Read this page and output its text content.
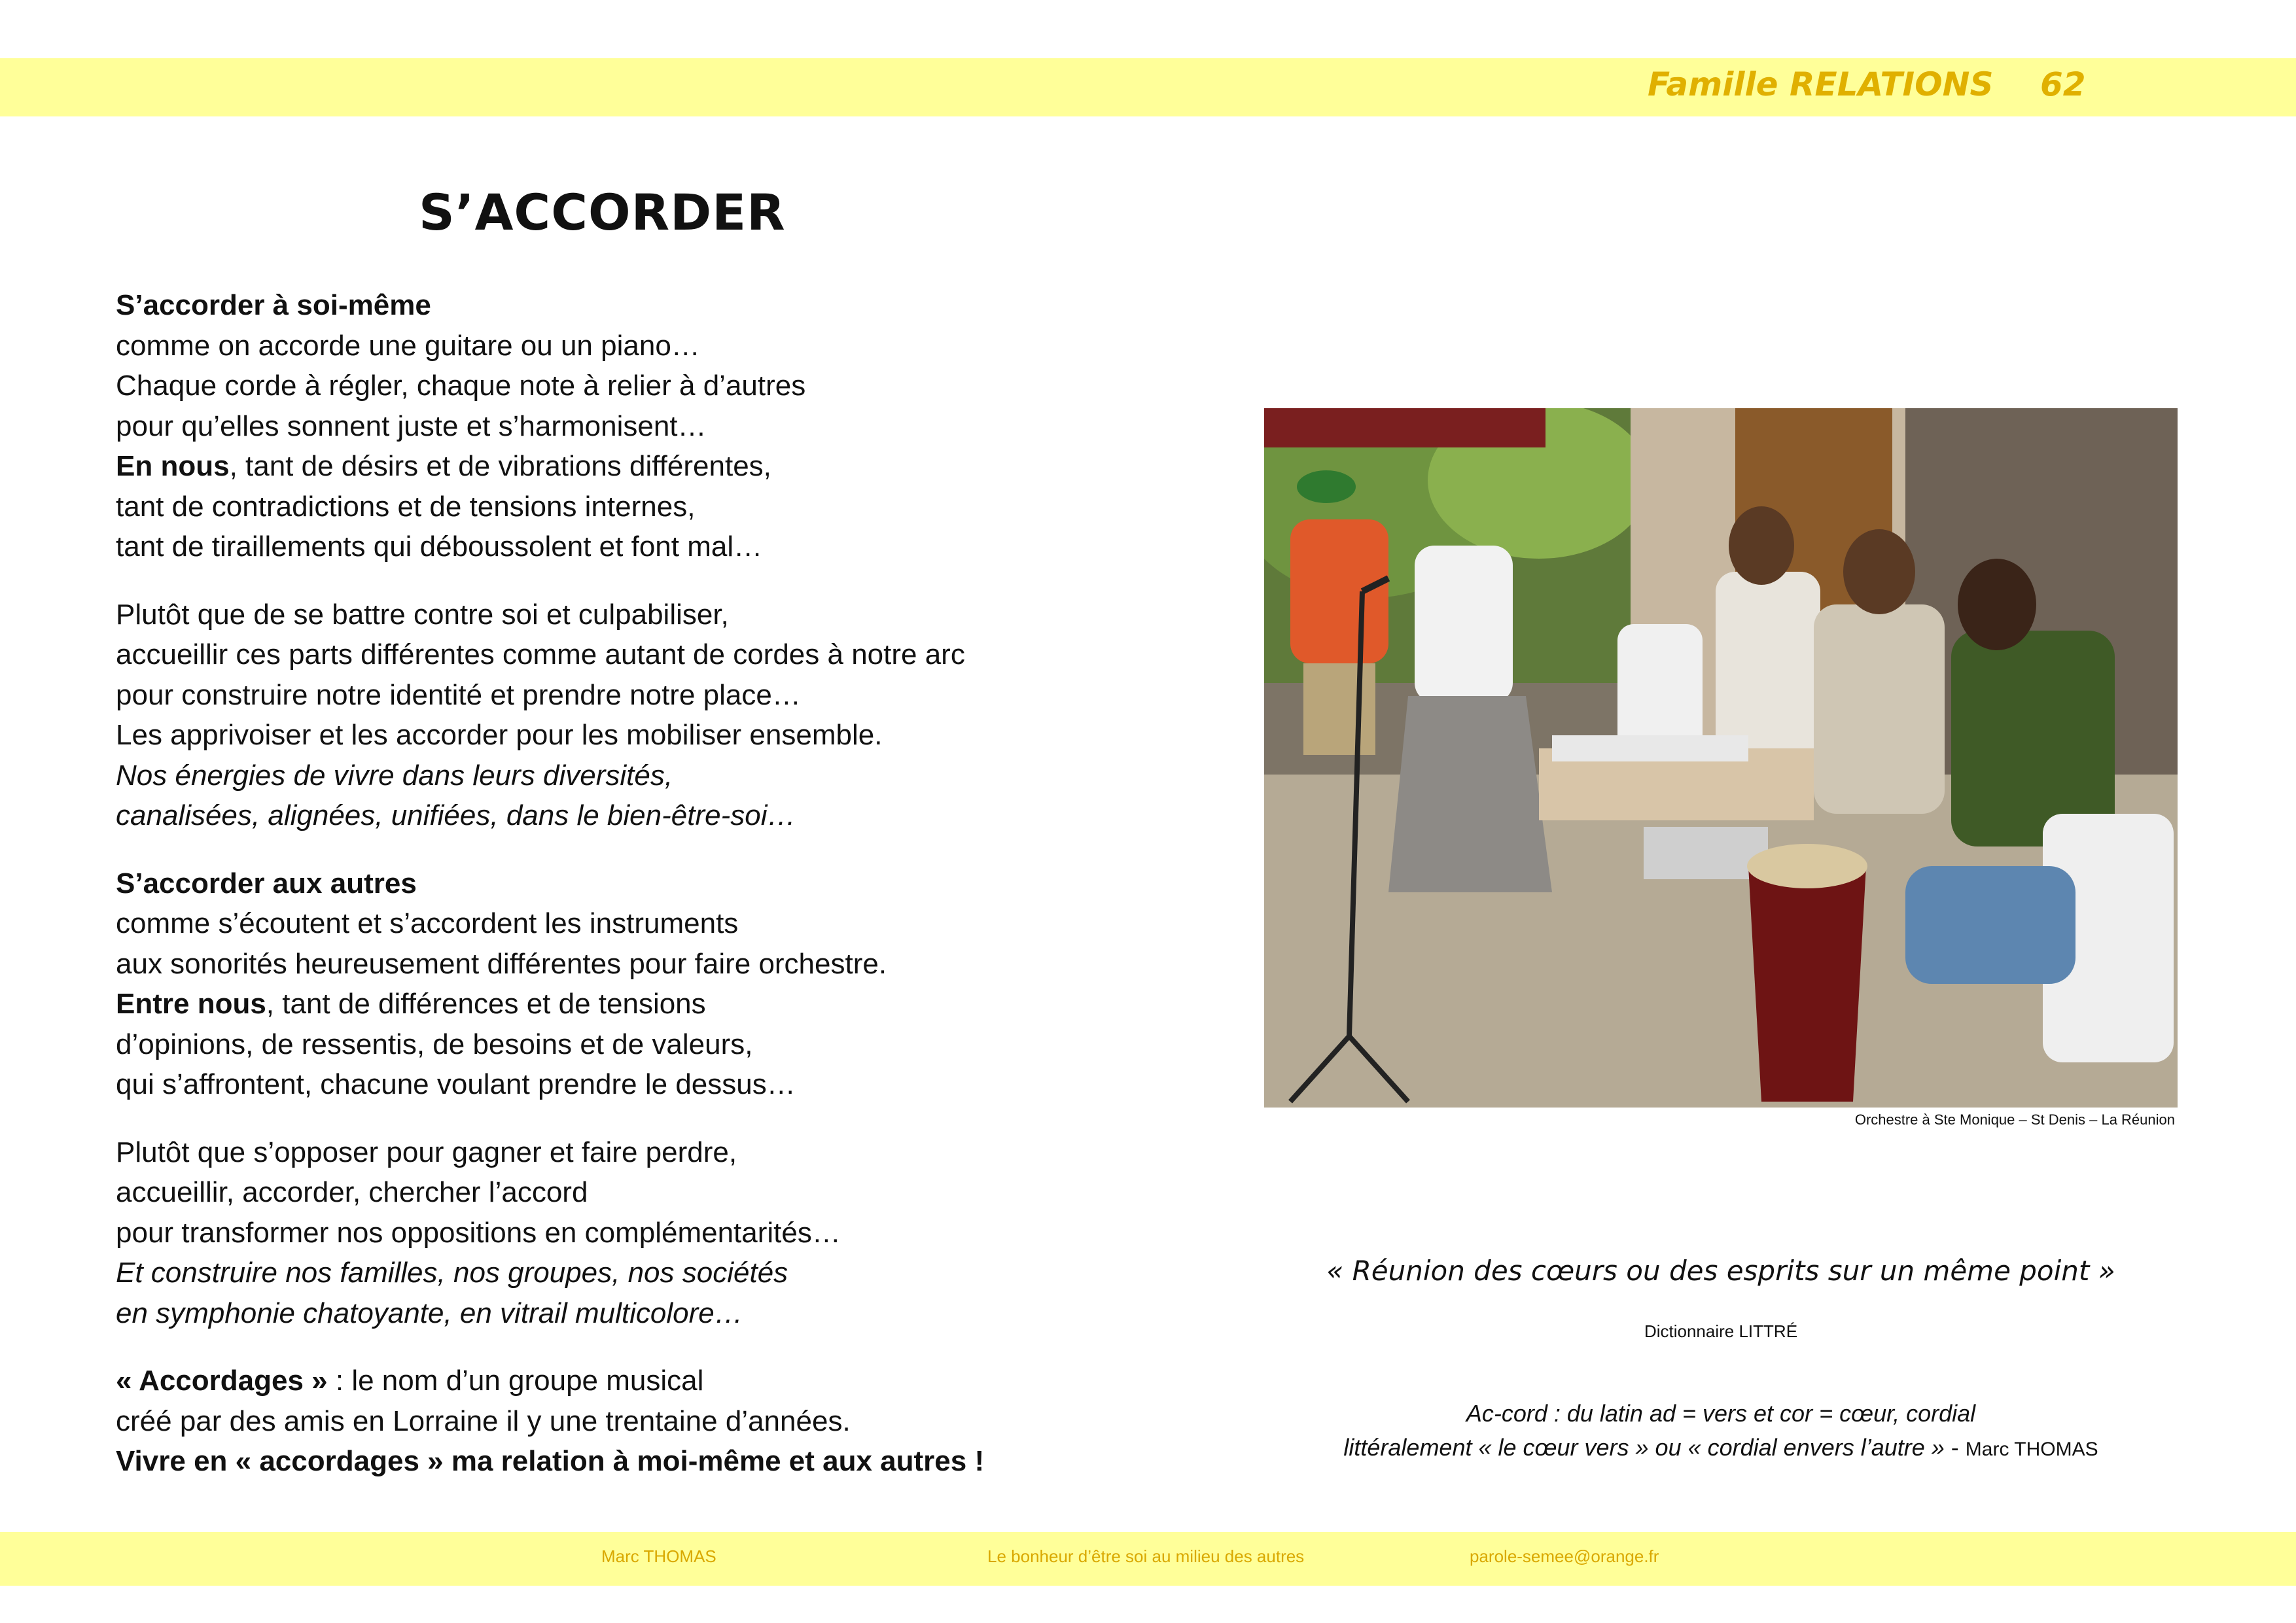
Famille RELATIONS 62
S’ACCORDER
S’accorder à soi-même
comme on accorde une guitare ou un piano…
Chaque corde à régler, chaque note à relier à d’autres
pour qu’elles sonnent juste et s’harmonisent…
En nous, tant de désirs et de vibrations différentes,
tant de contradictions et de tensions internes,
tant de tiraillements qui déboussolent et font mal…
Plutôt que de se battre contre soi et culpabiliser,
accueillir ces parts différentes comme autant de cordes à notre arc
pour construire notre identité et prendre notre place…
Les apprivoiser et les accorder pour les mobiliser ensemble.
Nos énergies de vivre dans leurs diversités,
canalisées, alignées, unifiées, dans le bien-être-soi…
S’accorder aux autres
comme s’écoutent et s’accordent les instruments
aux sonorités heureusement différentes pour faire orchestre.
Entre nous, tant de différences et de tensions
d’opinions, de ressentis, de besoins et de valeurs,
qui s’affrontent, chacune voulant prendre le dessus…
Plutôt que s’opposer pour gagner et faire perdre,
accueillir, accorder, chercher l’accord
pour transformer nos oppositions en complémentarités…
Et construire nos familles, nos groupes, nos sociétés
en symphonie chatoyante, en vitrail multicolore…
« Accordages » : le nom d’un groupe musical
créé par des amis en Lorraine il y une trentaine d’années.
Vivre en « accordages » ma relation à moi-même et aux autres !
Orchestre à Ste Monique – St Denis – La Réunion
« Réunion des cœurs ou des esprits sur un même point »
Dictionnaire LITTRÉ
Ac-cord : du latin ad = vers et cor = cœur, cordial
littéralement « le cœur vers » ou « cordial envers l’autre » - Marc THOMAS
Marc THOMAS	Le bonheur d’être soi au milieu des autres	parole-semee@orange.fr
